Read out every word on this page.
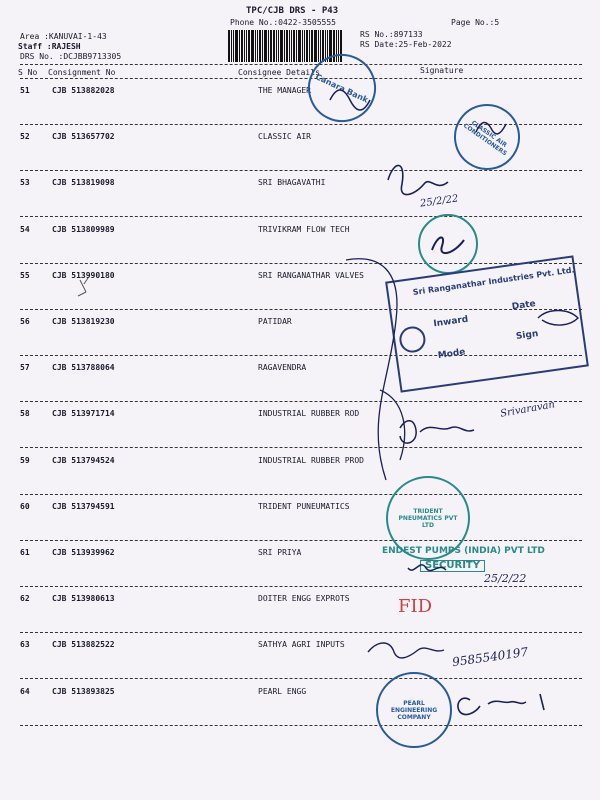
TPC/CJB DRS - P43
Phone No.:0422-3505555	Page No.:5
Area :KANUVAI-1-43
Staff :RAJESH
DRS No. :DCJBB9713305
RS No.:897133
RS Date:25-Feb-2022
S No Consignment No	Consignee Details	Signature
51	CJB 513882028	THE MANAGER
52	CJB 513657702	CLASSIC AIR
53	CJB 513819098	SRI BHAGAVATHI
54	CJB 513809989	TRIVIKRAM FLOW TECH
55	CJB 513990180	SRI RANGANATHAR VALVES
56	CJB 513819230	PATIDAR
57	CJB 513788064	RAGAVENDRA
58	CJB 513971714	INDUSTRIAL RUBBER ROD
59	CJB 513794524	INDUSTRIAL RUBBER PROD
60	CJB 513794591	TRIDENT PUNEUMATICS
61	CJB 513939962	SRI PRIYA
62	CJB 513980613	DOITER ENGG EXPROTS
63	CJB 513882522	SATHYA AGRI INPUTS
64	CJB 513893825	PEARL ENGG
Canara Bank
CLASSIC AIR CONDITIONERS
Sri Ranganathar Industries Pvt. Ltd.
Inward
Date
Mode
Sign
TRIDENT PNEUMATICS PVT LTD
ENDEST PUMPS (INDIA) PVT LTD
SECURITY
25/2/22
FID
9585540197
Srivaravan
25/2/22
PEARL ENGINEERING COMPANY
